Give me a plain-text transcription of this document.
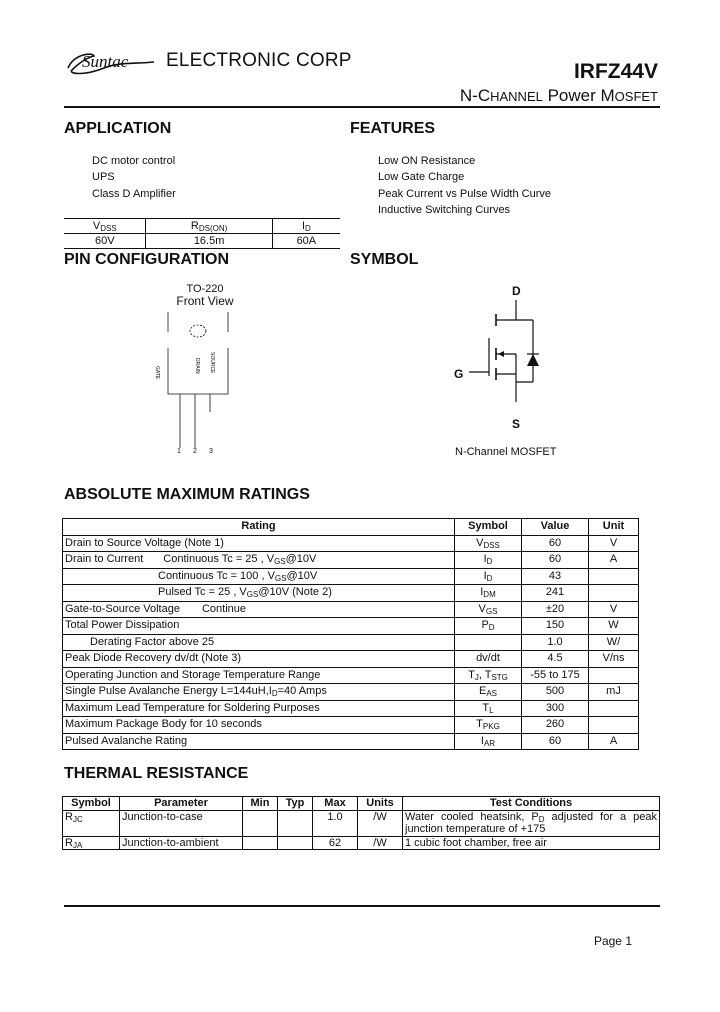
Suntac ELECTRONIC CORP	IRFZ44V
N-CHANNEL Power MOSFET
APPLICATION
DC motor control
UPS
Class D Amplifier
FEATURES
Low ON Resistance
Low Gate Charge
Peak Current vs Pulse Width Curve
Inductive Switching Curves
$V_{DSS}$	$R_{DS(ON)}$	$I_D$
60V	16.5m	60A
PIN CONFIGURATION
TO-220
Front View
GATE	DRAIN SOURCE
1 2 3
SYMBOL
D
G
S
N-Channel MOSFET
ABSOLUTE MAXIMUM RATINGS
Rating	Symbol	Value	Unit
Drain to Source Voltage (Note 1)	$V_{DSS}$	60	V
Drain to Current Continuous Tc = 25 , $V_{GS}@10V$	$I_D$	60	A
Continuous Tc = 100 , $V_{GS}@10V$	$I_D$	43	
Pulsed Tc = 25 , $V_{GS}@10V$ (Note 2)	$I_{DM}$	241	
Gate-to-Source Voltage Continue	$V_{GS}$	±20	V
Total Power Dissipation	$P_D$	150	W
Derating Factor above 25		1.0	W/
Peak Diode Recovery dv/dt (Note 3)	dv/dt	4.5	V/ns
Operating Junction and Storage Temperature Range	$T_J$, $T_{STG}$	-55 to 175	
Single Pulse Avalanche Energy $L=144uH,I_D=40$ Amps	$E_{AS}$	500	mJ
Maximum Lead Temperature for Soldering Purposes	$T_L$	300	
Maximum Package Body for 10 seconds	$T_{PKG}$	260	
Pulsed Avalanche Rating	$I_{AR}$	60	A
THERMAL RESISTANCE
Symbol	Parameter	Min	Typ	Max	Units	Test Conditions
$R_{JC}$	Junction-to-case			1.0	/W	Water cooled heatsink, $P_D$ adjusted for a peak junction temperature of +175
$R_{JA}$	Junction-to-ambient			62	/W	1 cubic foot chamber, free air
Page 1
